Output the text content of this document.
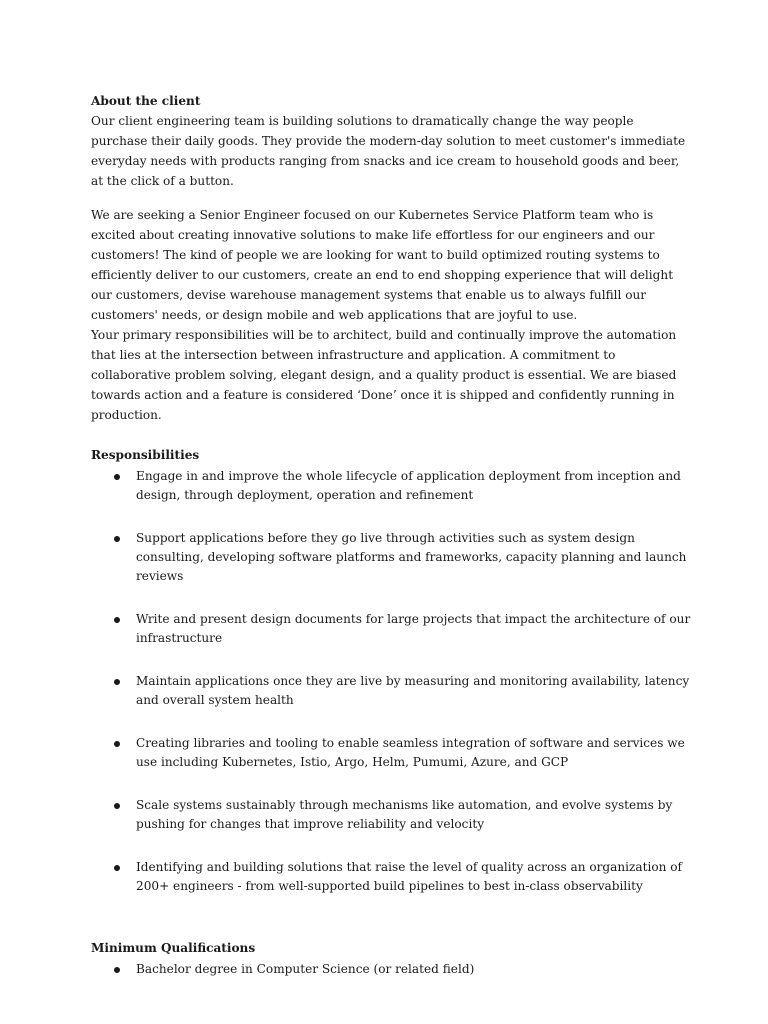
About the client

Our client engineering team is building solutions to dramatically change the way people purchase their daily goods. They provide the modern-day solution to meet customer's immediate everyday needs with products ranging from snacks and ice cream to household goods and beer, at the click of a button.

We are seeking a Senior Engineer focused on our Kubernetes Service Platform team who is excited about creating innovative solutions to make life effortless for our engineers and our customers! The kind of people we are looking for want to build optimized routing systems to efficiently deliver to our customers, create an end to end shopping experience that will delight our customers, devise warehouse management systems that enable us to always fulfill our customers' needs, or design mobile and web applications that are joyful to use.

Your primary responsibilities will be to architect, build and continually improve the automation that lies at the intersection between infrastructure and application. A commitment to collaborative problem solving, elegant design, and a quality product is essential. We are biased towards action and a feature is considered ‘Done’ once it is shipped and confidently running in production.

Responsibilities

Engage in and improve the whole lifecycle of application deployment from inception and design, through deployment, operation and refinement
Support applications before they go live through activities such as system design consulting, developing software platforms and frameworks, capacity planning and launch reviews
Write and present design documents for large projects that impact the architecture of our infrastructure
Maintain applications once they are live by measuring and monitoring availability, latency and overall system health
Creating libraries and tooling to enable seamless integration of software and services we use including Kubernetes, Istio, Argo, Helm, Pumumi, Azure, and GCP
Scale systems sustainably through mechanisms like automation, and evolve systems by pushing for changes that improve reliability and velocity
Identifying and building solutions that raise the level of quality across an organization of 200+ engineers - from well-supported build pipelines to best in-class observability

Minimum Qualifications

Bachelor degree in Computer Science (or related field)
